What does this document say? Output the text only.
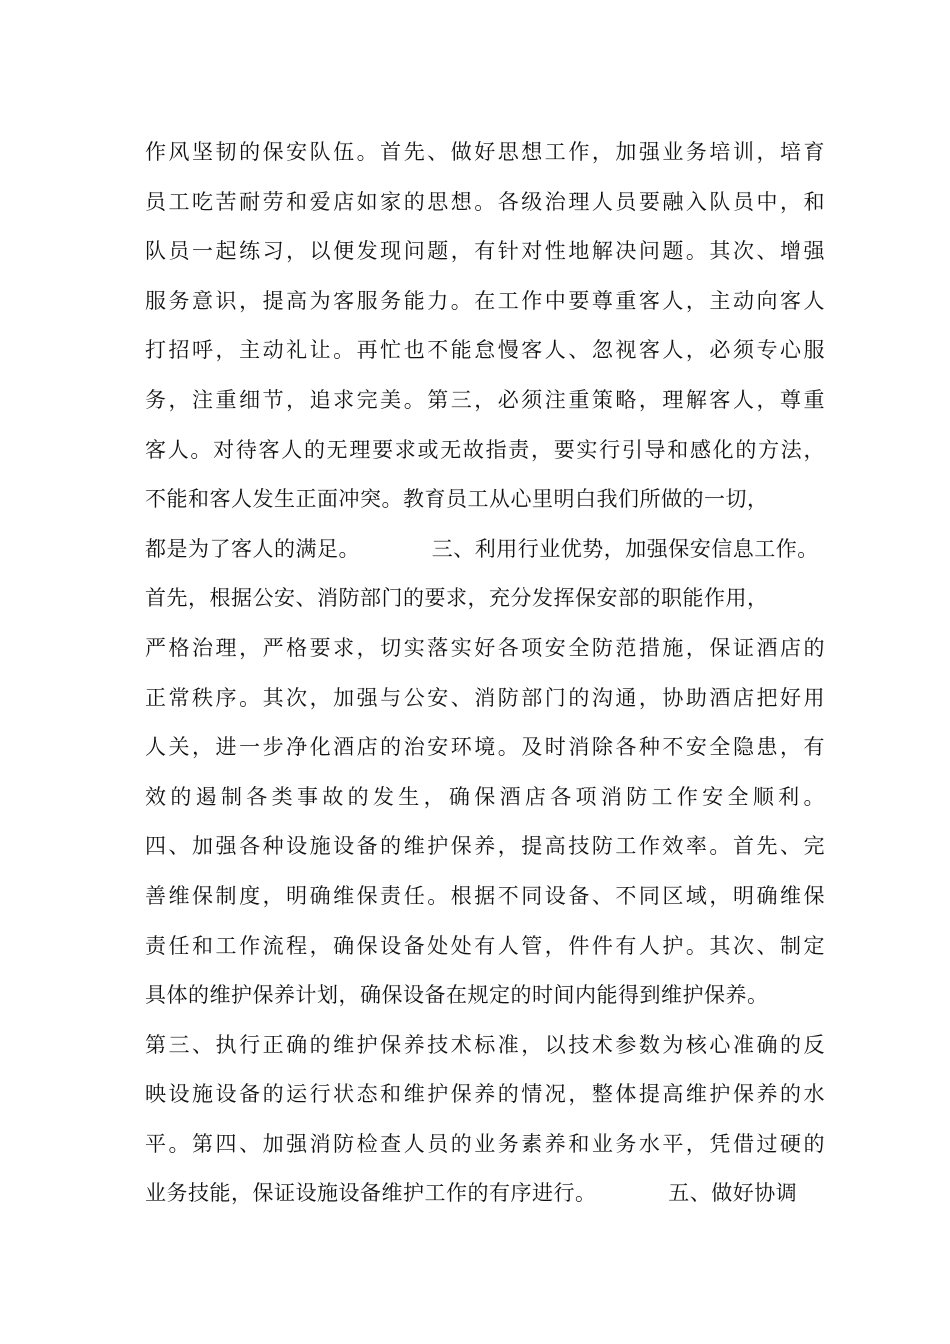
作风坚韧的保安队伍。首先、做好思想工作，加强业务培训，培育
员工吃苦耐劳和爱店如家的思想。各级治理人员要融入队员中，和
队员一起练习，以便发现问题，有针对性地解决问题。其次、增强
服务意识，提高为客服务能力。在工作中要尊重客人，主动向客人
打招呼，主动礼让。再忙也不能怠慢客人、忽视客人，必须专心服
务，注重细节，追求完美。第三，必须注重策略，理解客人，尊重
客人。对待客人的无理要求或无故指责，要实行引导和感化的方法，
不能和客人发生正面冲突。教育员工从心里明白我们所做的一切，
都是为了客人的满足。          三、利用行业优势，加强保安信息工作。
首先，根据公安、消防部门的要求，充分发挥保安部的职能作用，
严格治理，严格要求，切实落实好各项安全防范措施，保证酒店的
正常秩序。其次，加强与公安、消防部门的沟通，协助酒店把好用
人关，进一步净化酒店的治安环境。及时消除各种不安全隐患，有
效的遏制各类事故的发生，确保酒店各项消防工作安全顺利。
四、加强各种设施设备的维护保养，提高技防工作效率。首先、完
善维保制度，明确维保责任。根据不同设备、不同区域，明确维保
责任和工作流程，确保设备处处有人管，件件有人护。其次、制定
具体的维护保养计划，确保设备在规定的时间内能得到维护保养。
第三、执行正确的维护保养技术标准，以技术参数为核心准确的反
映设施设备的运行状态和维护保养的情况，整体提高维护保养的水
平。第四、加强消防检查人员的业务素养和业务水平，凭借过硬的
业务技能，保证设施设备维护工作的有序进行。          五、做好协调
